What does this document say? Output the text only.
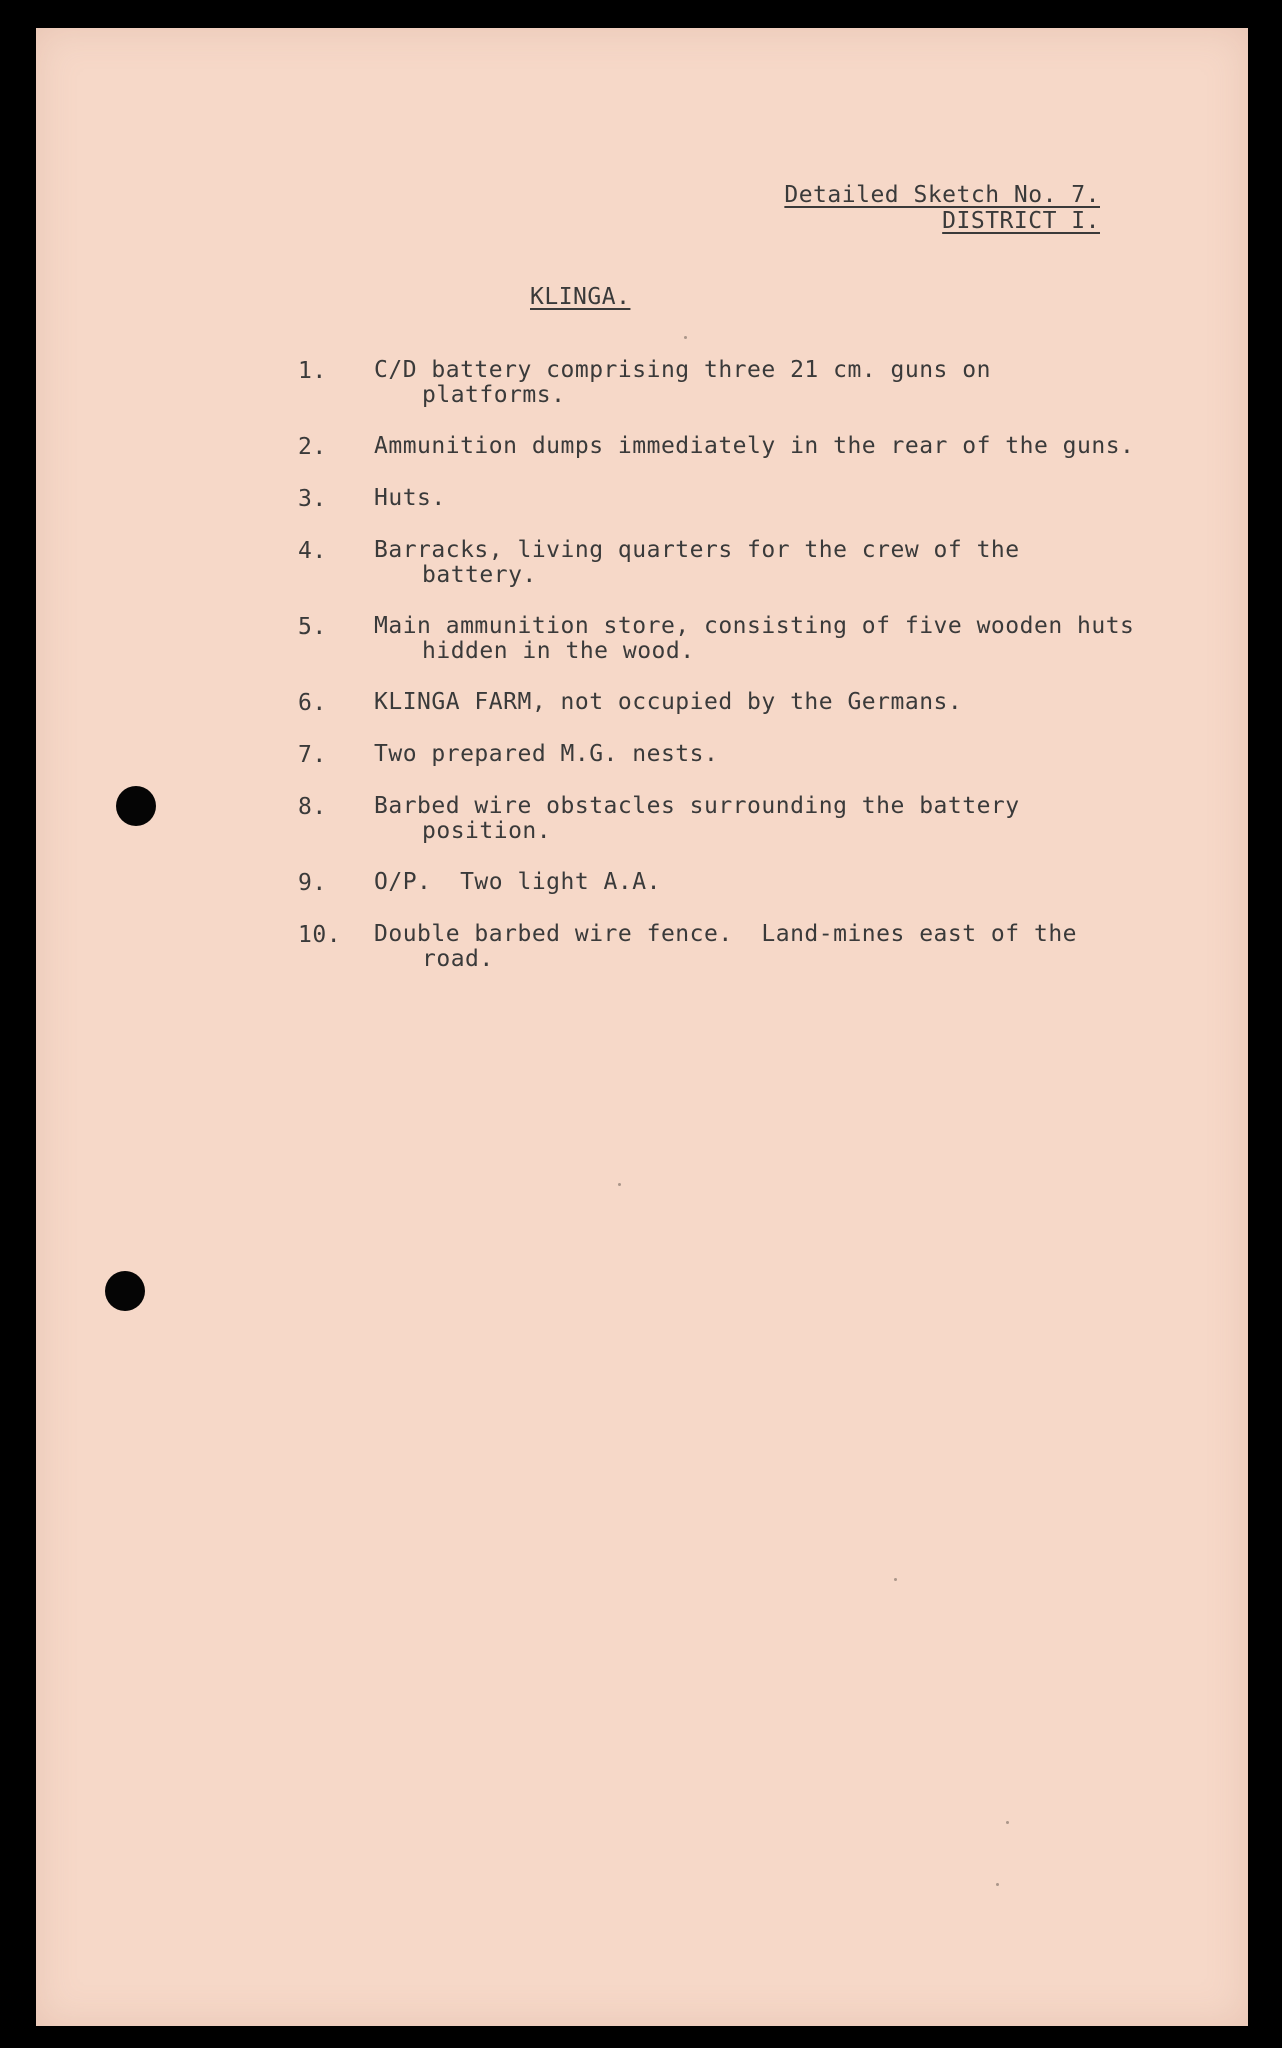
Detailed Sketch No. 7.
DISTRICT I.
KLINGA.
1.	C/D battery comprising three 21 cm. guns on platforms.
2.	Ammunition dumps immediately in the rear of the guns.
3.	Huts.
4.	Barracks, living quarters for the crew of the battery.
5.	Main ammunition store, consisting of five wooden huts hidden in the wood.
6.	KLINGA FARM, not occupied by the Germans.
7.	Two prepared M.G. nests.
8.	Barbed wire obstacles surrounding the battery position.
9.	O/P.  Two light A.A.
10.	Double barbed wire fence.  Land-mines east of the road.
